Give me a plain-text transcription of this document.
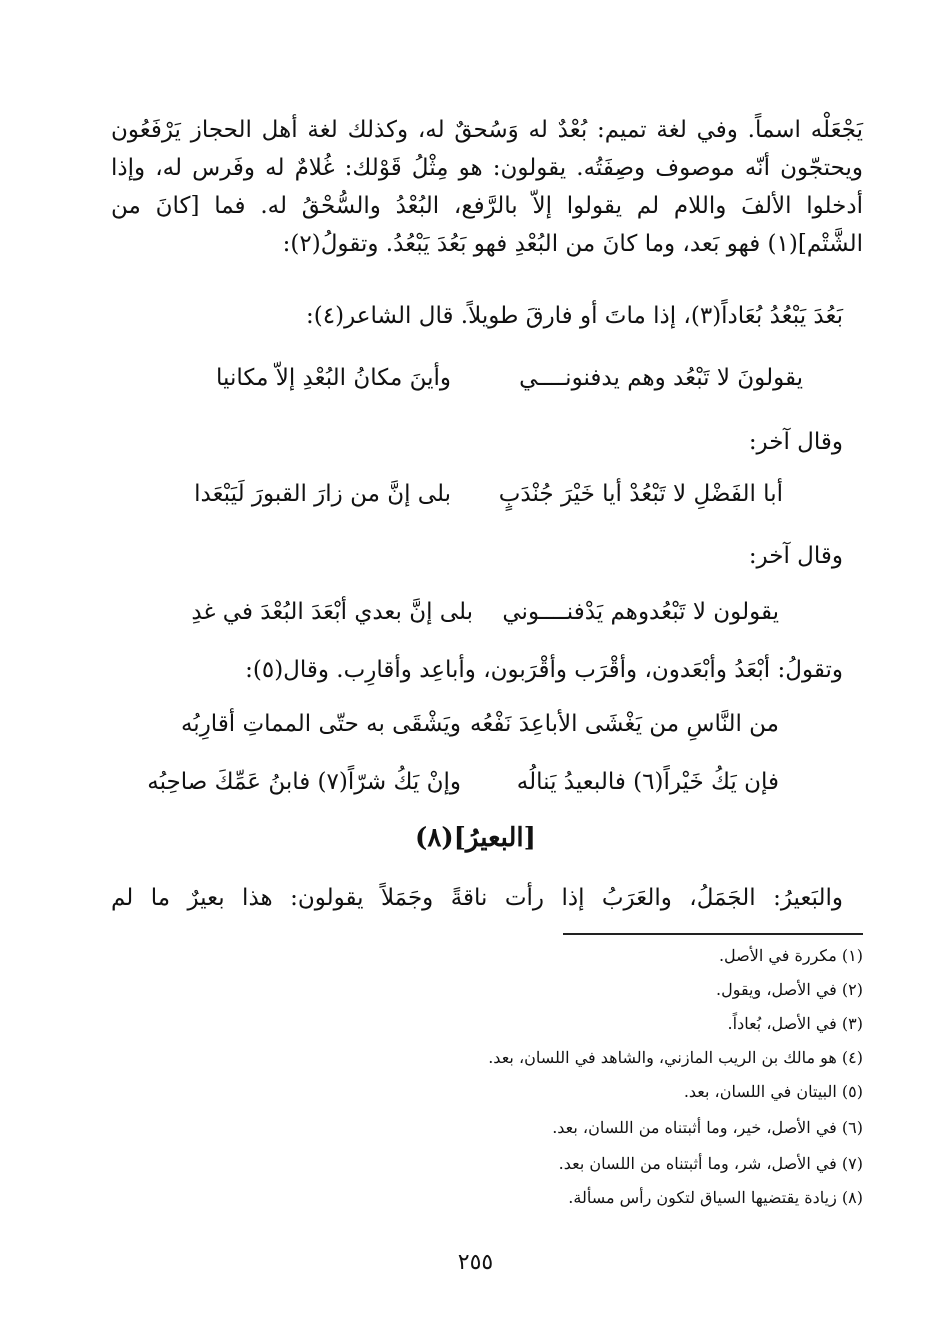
يَجْعَلْه اسماً. وفي لغة تميم: بُعْدٌ له وَسُحقٌ له، وكذلك لغة أهل الحجاز يَرْفَعُون
ويحتجّون أنّه موصوف وصِفَتُه. يقولون: هو مِثْلُ قَوْلك: غُلامٌ له وفَرس له، وإذا
أدخلوا الألفَ واللام لم يقولوا إلاّ بالرَّفع، البُعْدُ والسُّحْقُ له. فما [كانَ من
الشَّتْم](١) فهو بَعد، وما كانَ من البُعْدِ فهو بَعُدَ يَبْعُدُ. وتقولُ(٢):
بَعُدَ يَبْعُدُ بُعَاداً(٣)، إذا ماتَ أو فارقَ طويلاً. قال الشاعر(٤):
يقولونَ لا تَبْعُد وهم يدفنونــــي
وأينَ مكانُ البُعْدِ إلاّ مكانيا
وقال آخر:
أبا الفَضْلِ لا تَبْعُدْ أيا خَيْرَ جُنْدَبٍ
بلى إنَّ من زارَ القبورَ لَيَبْعَدا
وقال آخر:
يقولون لا تَبْعُدوهم يَدْفنــــوني
بلى إنَّ بعدي أبْعَدَ البُعْدَ في غدِ
وتقولُ: أبْعَدُ وأبْعَدون، وأقْرَب وأقْرَبون، وأباعِد وأقارِب. وقال(٥):
من النَّاسِ من يَغْشَى الأباعِدَ نَفْعُه
ويَشْقَى به حتّى المماتِ أقارِبُه
فإن يَكُ خَيْراً(٦) فالبعيدُ يَنالُه
وإنْ يَكُ شرّاً(٧) فابنُ عَمِّكَ صاحِبُه
[البعيرُ](٨)
والبَعيرُ: الجَمَلُ، والعَرَبُ إذا رأت ناقةً وجَمَلاً يقولون: هذا بعيرٌ ما لم
(١) مكررة في الأصل.
(٢) في الأصل، ويقول.
(٣) في الأصل، بُعاداً.
(٤) هو مالك بن الريب المازني، والشاهد في اللسان، بعد.
(٥) البيتان في اللسان، بعد.
(٦) في الأصل، خير، وما أثبتناه من اللسان، بعد.
(٧) في الأصل، شر، وما أثبتناه من اللسان بعد.
(٨) زيادة يقتضيها السياق لتكون رأس مسألة.
٢٥٥
